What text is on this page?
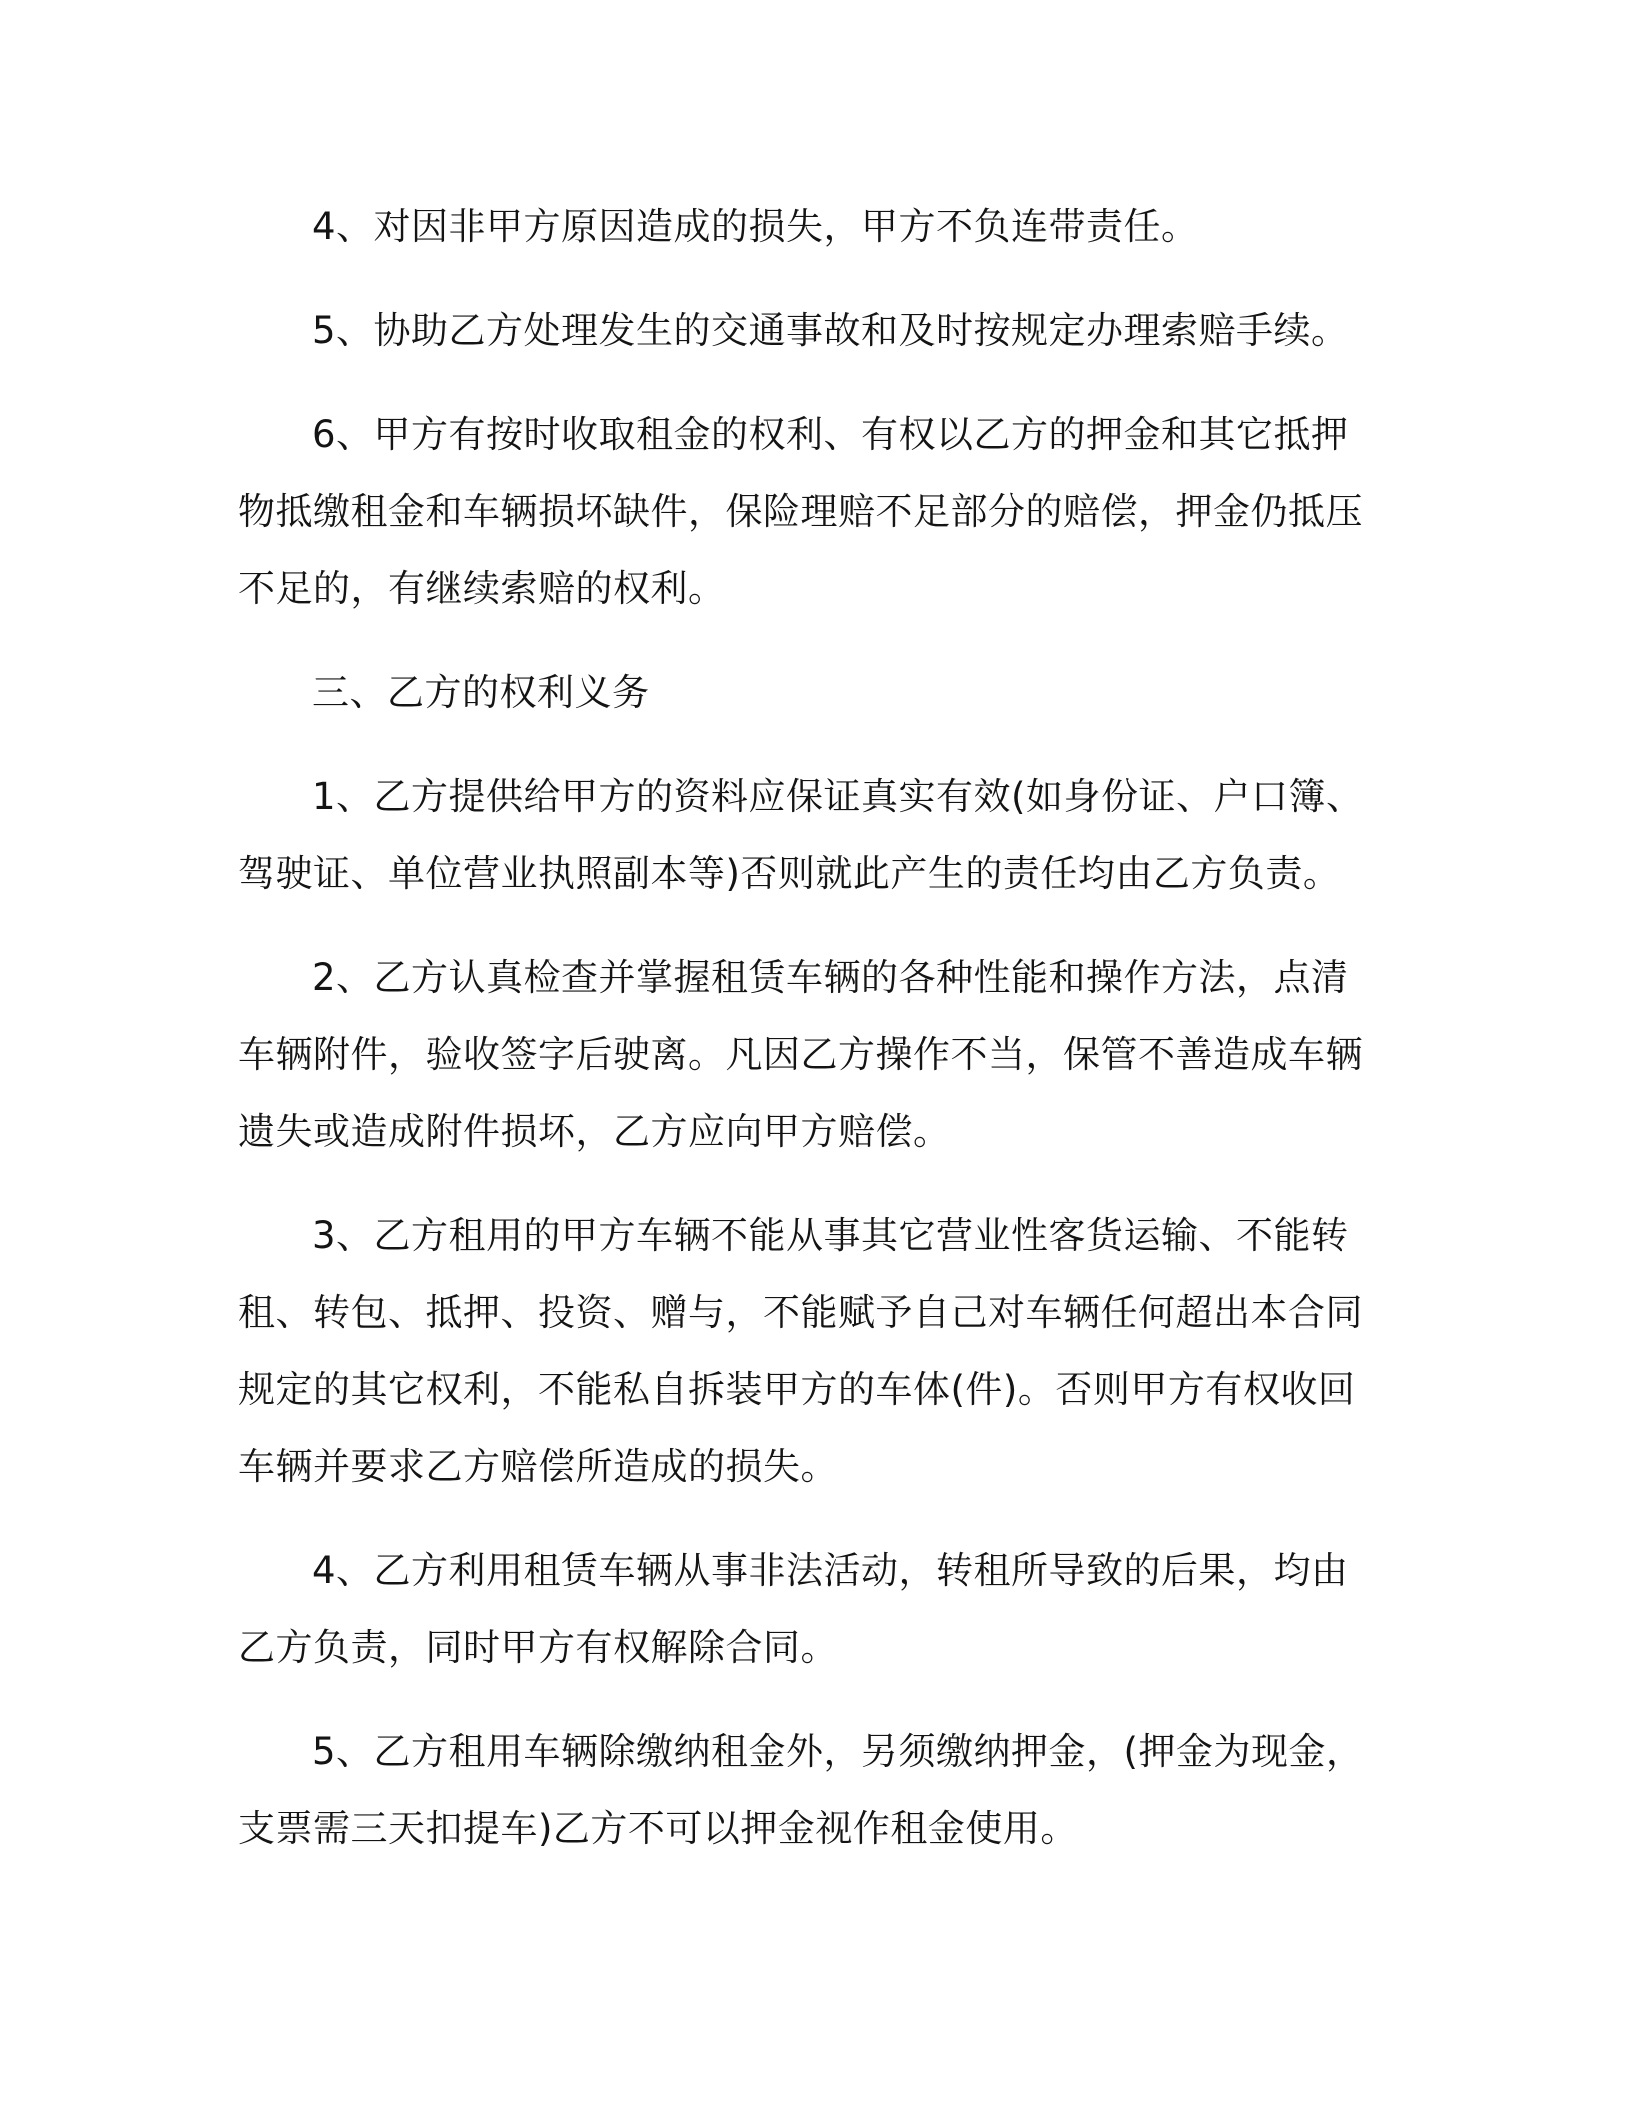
4、对因非甲方原因造成的损失，甲方不负连带责任。

5、协助乙方处理发生的交通事故和及时按规定办理索赔手续。

6、甲方有按时收取租金的权利、有权以乙方的押金和其它抵押物抵缴租金和车辆损坏缺件，保险理赔不足部分的赔偿，押金仍抵压不足的，有继续索赔的权利。

三、乙方的权利义务

1、乙方提供给甲方的资料应保证真实有效(如身份证、户口簿、驾驶证、单位营业执照副本等)否则就此产生的责任均由乙方负责。

2、乙方认真检查并掌握租赁车辆的各种性能和操作方法，点清车辆附件，验收签字后驶离。凡因乙方操作不当，保管不善造成车辆遗失或造成附件损坏，乙方应向甲方赔偿。

3、乙方租用的甲方车辆不能从事其它营业性客货运输、不能转租、转包、抵押、投资、赠与，不能赋予自己对车辆任何超出本合同规定的其它权利，不能私自拆装甲方的车体(件)。否则甲方有权收回车辆并要求乙方赔偿所造成的损失。

4、乙方利用租赁车辆从事非法活动，转租所导致的后果，均由乙方负责，同时甲方有权解除合同。

5、乙方租用车辆除缴纳租金外，另须缴纳押金，(押金为现金，支票需三天扣提车)乙方不可以押金视作租金使用。
